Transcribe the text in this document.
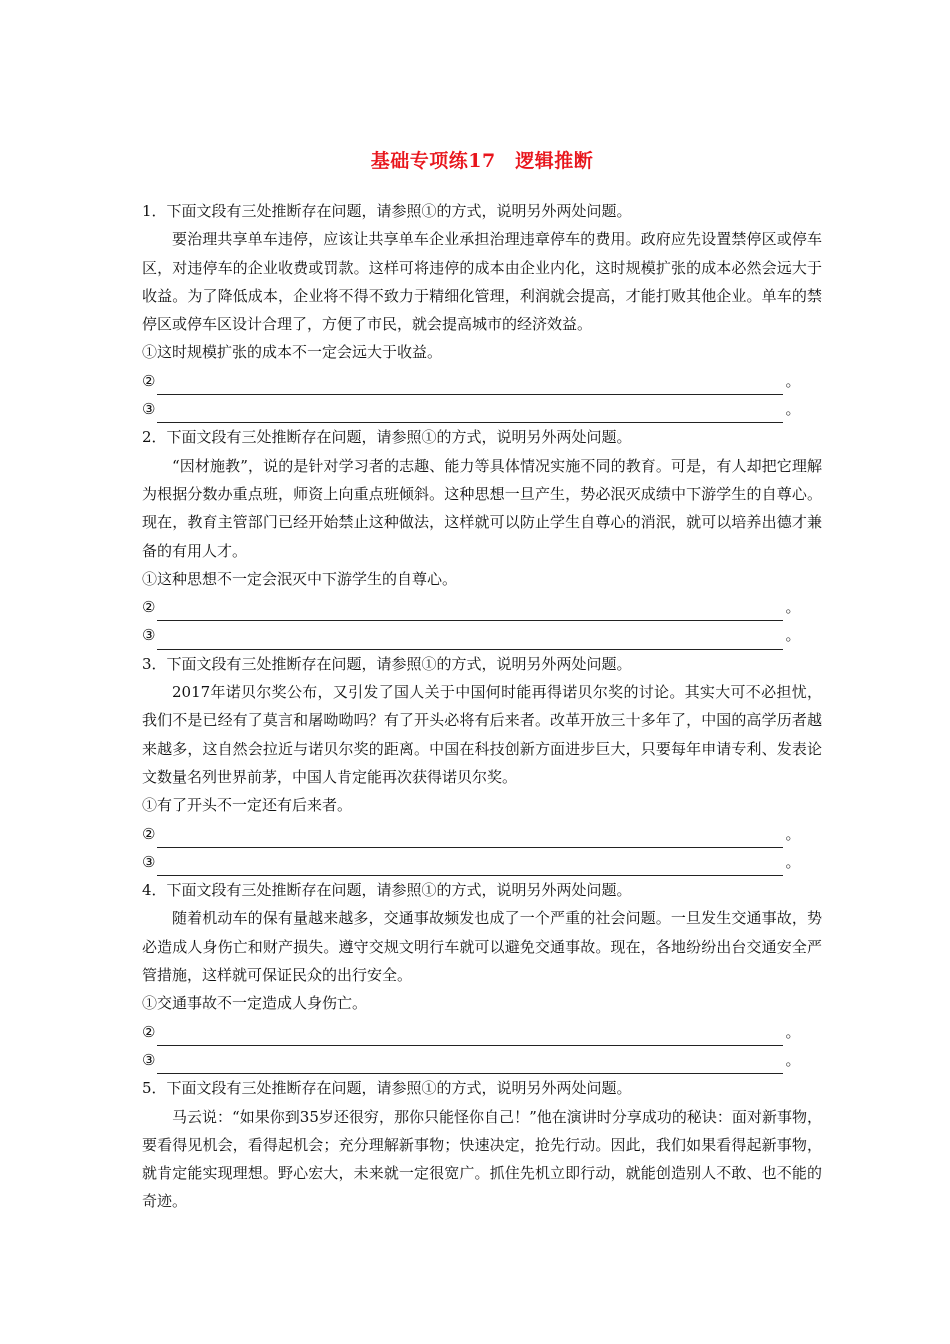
基础专项练17　逻辑推断
1．下面文段有三处推断存在问题，请参照①的方式，说明另外两处问题。
要治理共享单车违停，应该让共享单车企业承担治理违章停车的费用。政府应先设置禁停区或停车区，对违停车的企业收费或罚款。这样可将违停的成本由企业内化，这时规模扩张的成本必然会远大于收益。为了降低成本，企业将不得不致力于精细化管理，利润就会提高，才能打败其他企业。单车的禁停区或停车区设计合理了，方便了市民，就会提高城市的经济效益。
①这时规模扩张的成本不一定会远大于收益。
②	。
③	。
2．下面文段有三处推断存在问题，请参照①的方式，说明另外两处问题。
“因材施教”，说的是针对学习者的志趣、能力等具体情况实施不同的教育。可是，有人却把它理解为根据分数办重点班，师资上向重点班倾斜。这种思想一旦产生，势必泯灭成绩中下游学生的自尊心。现在，教育主管部门已经开始禁止这种做法，这样就可以防止学生自尊心的消泯，就可以培养出德才兼备的有用人才。
①这种思想不一定会泯灭中下游学生的自尊心。
②	。
③	。
3．下面文段有三处推断存在问题，请参照①的方式，说明另外两处问题。
2017年诺贝尔奖公布，又引发了国人关于中国何时能再得诺贝尔奖的讨论。其实大可不必担忧，我们不是已经有了莫言和屠呦呦吗？有了开头必将有后来者。改革开放三十多年了，中国的高学历者越来越多，这自然会拉近与诺贝尔奖的距离。中国在科技创新方面进步巨大，只要每年申请专利、发表论文数量名列世界前茅，中国人肯定能再次获得诺贝尔奖。
①有了开头不一定还有后来者。
②	。
③	。
4．下面文段有三处推断存在问题，请参照①的方式，说明另外两处问题。
随着机动车的保有量越来越多，交通事故频发也成了一个严重的社会问题。一旦发生交通事故，势必造成人身伤亡和财产损失。遵守交规文明行车就可以避免交通事故。现在，各地纷纷出台交通安全严管措施，这样就可保证民众的出行安全。
①交通事故不一定造成人身伤亡。
②	。
③	。
5．下面文段有三处推断存在问题，请参照①的方式，说明另外两处问题。
马云说：“如果你到35岁还很穷，那你只能怪你自己！”他在演讲时分享成功的秘诀：面对新事物，要看得见机会，看得起机会；充分理解新事物；快速决定，抢先行动。因此，我们如果看得起新事物，就肯定能实现理想。野心宏大，未来就一定很宽广。抓住先机立即行动，就能创造别人不敢、也不能的奇迹。
